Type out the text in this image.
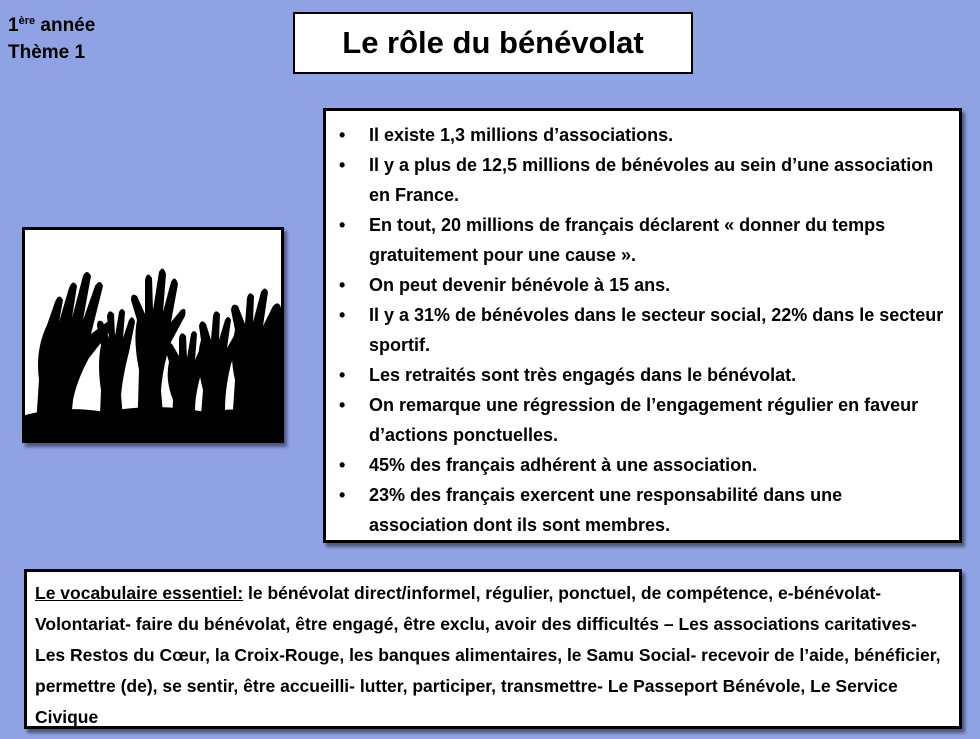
1ère année
Thème 1	Le rôle du bénévolat
• Il existe 1,3 millions d’associations.
• Il y a plus de 12,5 millions de bénévoles au sein d’une association en France.
• En tout, 20 millions de français déclarent « donner du temps gratuitement pour une cause ».
• On peut devenir bénévole à 15 ans.
• Il y a 31% de bénévoles dans le secteur social, 22% dans le secteur sportif.
• Les retraités sont très engagés dans le bénévolat.
• On remarque une régression de l’engagement régulier en faveur d’actions ponctuelles.
• 45% des français adhérent à une association.
• 23% des français exercent une responsabilité dans une association dont ils sont membres.
Le vocabulaire essentiel: le bénévolat direct/informel, régulier, ponctuel, de compétence, e-bénévolat- Volontariat- faire du bénévolat, être engagé, être exclu, avoir des difficultés – Les associations caritatives- Les Restos du Cœur, la Croix-Rouge, les banques alimentaires, le Samu Social- recevoir de l’aide, bénéficier, permettre (de), se sentir, être accueilli- lutter, participer, transmettre- Le Passeport Bénévole, Le Service Civique
